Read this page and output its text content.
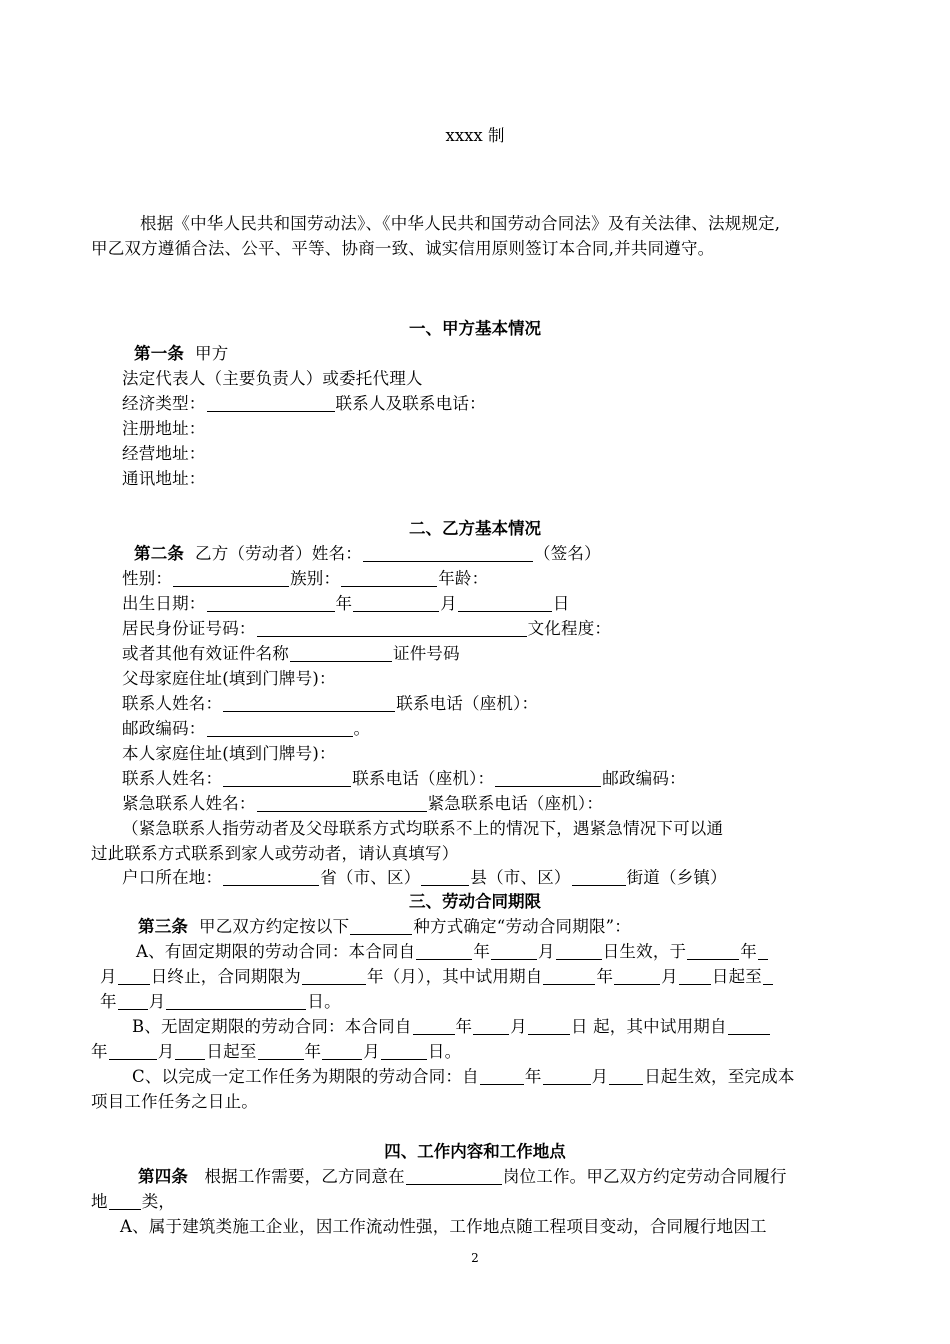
xxxx 制
根据《中华人民共和国劳动法》、《中华人民共和国劳动合同法》及有关法律、法规规定,
甲乙双方遵循合法、公平、平等、协商一致、诚实信用原则签订本合同,并共同遵守。
一、甲方基本情况
第一条 甲方
法定代表人（主要负责人）或委托代理人
经济类型：	联系人及联系电话：
注册地址：
经营地址：
通讯地址：
二、乙方基本情况
第二条 乙方（劳动者）姓名：	（签名）
性别：	族别：	年龄：
出生日期：	年	月	日
居民身份证号码：	文化程度：
或者其他有效证件名称	证件号码
父母家庭住址(填到门牌号)：
联系人姓名：	联系电话（座机）：
邮政编码：	。
本人家庭住址(填到门牌号)：
联系人姓名：	联系电话（座机）：	邮政编码：
紧急联系人姓名：	紧急联系电话（座机）：
（紧急联系人指劳动者及父母联系方式均联系不上的情况下，遇紧急情况下可以通
过此联系方式联系到家人或劳动者，请认真填写）
户口所在地：	省（市、区）	县（市、区）	街道（乡镇）
三、劳动合同期限
第三条 甲乙双方约定按以下	种方式确定“劳动合同期限”：
A、有固定期限的劳动合同：本合同自	年	月	日生效，于	年
月 日终止，合同期限为	年（月），其中试用期自	年	月 日起至
年 月	日。
B、无固定期限的劳动合同：本合同自	年 月	日 起，其中试用期自
年	月 日起至	年	月	日。
C、以完成一定工作任务为期限的劳动合同：自	年	月 日起生效，至完成本
项目工作任务之日止。
四、工作内容和工作地点
第四条 根据工作需要，乙方同意在	岗位工作。甲乙双方约定劳动合同履行
地 类，
A、属于建筑类施工企业，因工作流动性强，工作地点随工程项目变动，合同履行地因工
2
